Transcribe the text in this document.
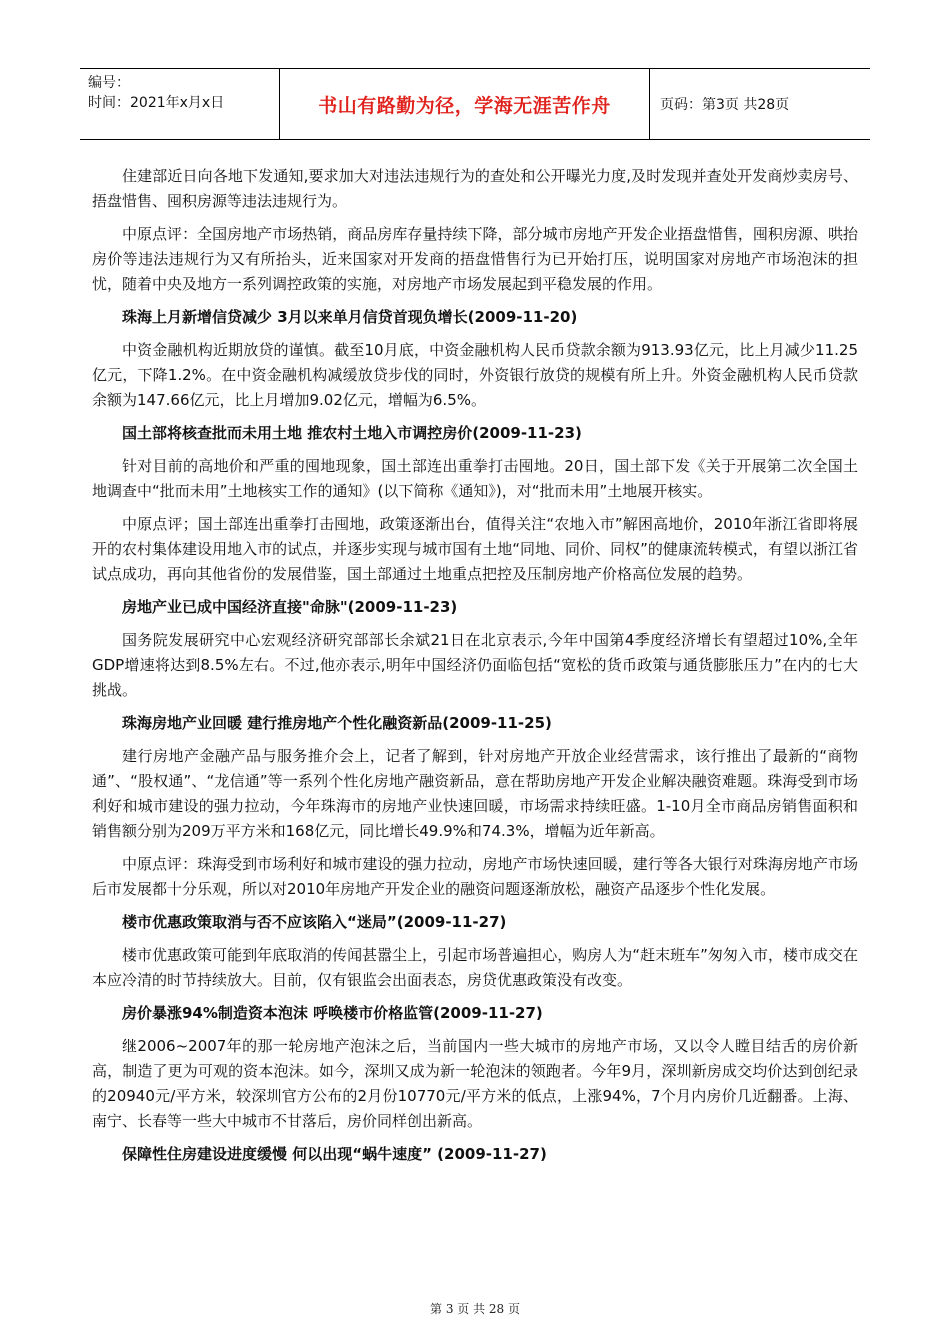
编号：
时间：2021年x月x日	书山有路勤为径，学海无涯苦作舟	页码：第3页 共28页

住建部近日向各地下发通知,要求加大对违法违规行为的查处和公开曝光力度,及时发现并查处开发商炒卖房号、捂盘惜售、囤积房源等违法违规行为。

中原点评：全国房地产市场热销，商品房库存量持续下降，部分城市房地产开发企业捂盘惜售，囤积房源、哄抬房价等违法违规行为又有所抬头，近来国家对开发商的捂盘惜售行为已开始打压，说明国家对房地产市场泡沫的担忧，随着中央及地方一系列调控政策的实施，对房地产市场发展起到平稳发展的作用。

珠海上月新增信贷减少 3月以来单月信贷首现负增长(2009-11-20)

中资金融机构近期放贷的谨慎。截至10月底，中资金融机构人民币贷款余额为913.93亿元，比上月减少11.25亿元，下降1.2%。在中资金融机构减缓放贷步伐的同时，外资银行放贷的规模有所上升。外资金融机构人民币贷款余额为147.66亿元，比上月增加9.02亿元，增幅为6.5%。

国土部将核查批而未用土地 推农村土地入市调控房价(2009-11-23)

针对目前的高地价和严重的囤地现象，国土部连出重拳打击囤地。20日，国土部下发《关于开展第二次全国土地调查中“批而未用”土地核实工作的通知》(以下简称《通知》)，对“批而未用”土地展开核实。

中原点评；国土部连出重拳打击囤地，政策逐渐出台，值得关注“农地入市”解困高地价，2010年浙江省即将展开的农村集体建设用地入市的试点，并逐步实现与城市国有土地“同地、同价、同权”的健康流转模式，有望以浙江省试点成功，再向其他省份的发展借鉴，国土部通过土地重点把控及压制房地产价格高位发展的趋势。

房地产业已成中国经济直接"命脉"(2009-11-23)

国务院发展研究中心宏观经济研究部部长余斌21日在北京表示,今年中国第4季度经济增长有望超过10%,全年GDP增速将达到8.5%左右。不过,他亦表示,明年中国经济仍面临包括“宽松的货币政策与通货膨胀压力”在内的七大挑战。

珠海房地产业回暖 建行推房地产个性化融资新品(2009-11-25)

建行房地产金融产品与服务推介会上，记者了解到，针对房地产开放企业经营需求，该行推出了最新的“商物通”、“股权通”、“龙信通”等一系列个性化房地产融资新品，意在帮助房地产开发企业解决融资难题。珠海受到市场利好和城市建设的强力拉动，今年珠海市的房地产业快速回暖，市场需求持续旺盛。1-10月全市商品房销售面积和销售额分别为209万平方米和168亿元，同比增长49.9%和74.3%，增幅为近年新高。

中原点评：珠海受到市场利好和城市建设的强力拉动，房地产市场快速回暖，建行等各大银行对珠海房地产市场后市发展都十分乐观，所以对2010年房地产开发企业的融资问题逐渐放松，融资产品逐步个性化发展。

楼市优惠政策取消与否不应该陷入“迷局”(2009-11-27)

楼市优惠政策可能到年底取消的传闻甚嚣尘上，引起市场普遍担心，购房人为“赶末班车”匆匆入市，楼市成交在本应冷清的时节持续放大。目前，仅有银监会出面表态，房贷优惠政策没有改变。

房价暴涨94%制造资本泡沫 呼唤楼市价格监管(2009-11-27)

继2006~2007年的那一轮房地产泡沫之后，当前国内一些大城市的房地产市场，又以令人瞠目结舌的房价新高，制造了更为可观的资本泡沫。如今，深圳又成为新一轮泡沫的领跑者。今年9月，深圳新房成交均价达到创纪录的20940元/平方米，较深圳官方公布的2月份10770元/平方米的低点，上涨94%，7个月内房价几近翻番。上海、南宁、长春等一些大中城市不甘落后，房价同样创出新高。

保障性住房建设进度缓慢 何以出现“蜗牛速度” (2009-11-27)
第 3 页 共 28 页
